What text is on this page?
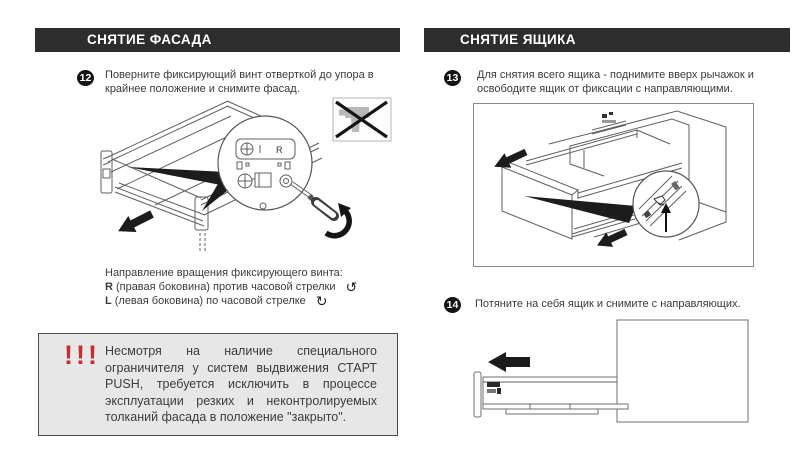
СНЯТИЕ ФАСАДА
12 Поверните фиксирующий винт отверткой до упора в крайнее положение и снимите фасад.
R
Направление вращения фиксирующего винта:
R (правая боковина) против часовой стрелки ↺
L (левая боковина) по часовой стрелке ↻
!!! Несмотря на наличие специального ограничителя у систем выдвижения СТАРТ PUSH, требуется исключить в процессе эксплуатации резких и неконтролируемых толканий фасада в положение "закрыто".
СНЯТИЕ ЯЩИКА
13 Для снятия всего ящика - поднимите вверх рычажок и освободите ящик от фиксации с направляющими.
14 Потяните на себя ящик и снимите с направляющих.
